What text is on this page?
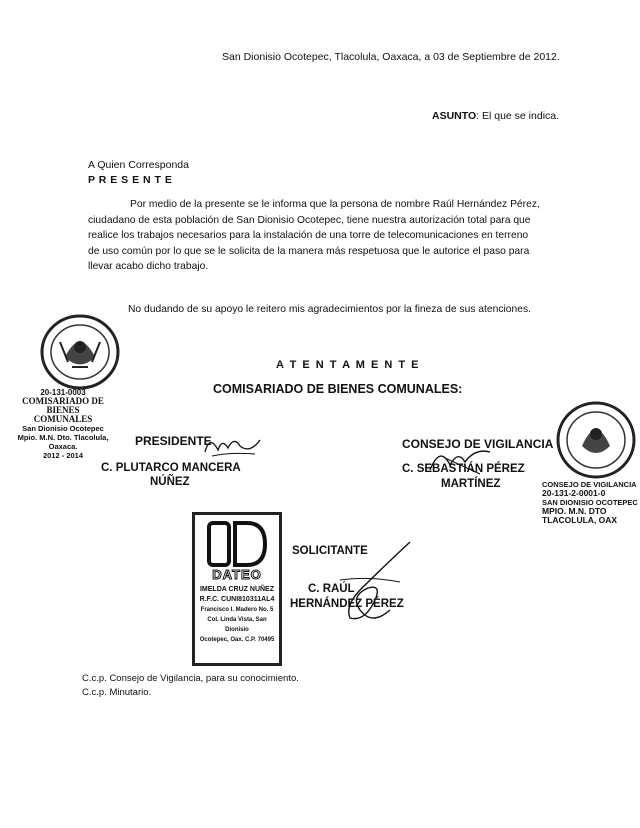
San Dionisio Ocotepec, Tlacolula, Oaxaca, a 03 de Septiembre de 2012.
ASUNTO: El que se indica.
A Quien Corresponda
P R E S E N T E
Por medio de la presente se le informa que la persona de nombre Raúl Hernández Pérez,
ciudadano de esta población de San Dionisio Ocotepec, tiene nuestra autorización total para que
realice los trabajos necesarios para la instalación de una torre de telecomunicaciones en terreno
de uso común por lo que se le solicita de la manera más respetuosa que le autorice el paso para
llevar acabo dicho trabajo.
No dudando de su apoyo le reitero mis agradecimientos por la fineza de sus atenciones.
A T E N T A M E N T E
COMISARIADO DE BIENES COMUNALES:
20-131-0003
COMISARIADO DE BIENES
COMUNALES
San Dionisio Ocotepec
Mpio. M.N. Dto. Tlacolula,
Oaxaca.
2012 - 2014
CONSEJO DE VIGILANCIA
20-131-2-0001-0
SAN DIONISIO OCOTEPEC
MPIO. M.N. DTO
TLACOLULA, OAX
PRESIDENTE
C. PLUTARCO MANCERA
NÚÑEZ
CONSEJO DE VIGILANCIA
C. SEBASTIÁN PÉREZ
MARTÍNEZ
DATEO
IMELDA CRUZ NUÑEZ
R.F.C. CUNI810311AL4
Francisco I. Madero No. 5
Col. Linda Vista, San Dionisio
Ocotepec, Oax. C.P. 70495
SOLICITANTE
C. RAÚL
HERNÁNDEZ PÉREZ
C.c.p. Consejo de Vigilancia, para su conocimiento.
C.c.p. Minutario.
